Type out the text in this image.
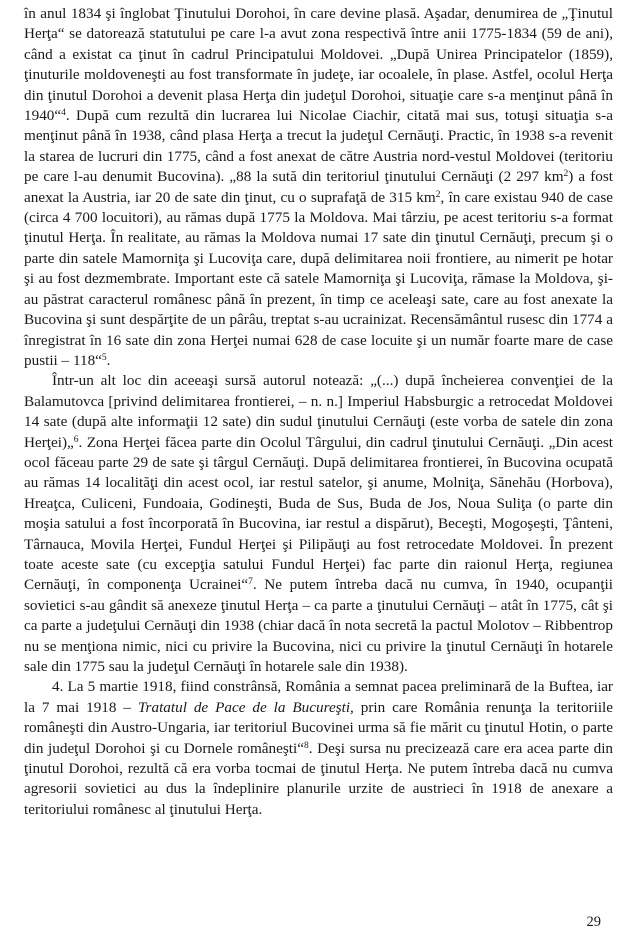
în anul 1834 şi înglobat Ţinutului Dorohoi, în care devine plasă. Aşadar, denumirea de „Ţinutul Herţa“ se datorează statutului pe care l-a avut zona respectivă între anii 1775-1834 (59 de ani), când a existat ca ţinut în cadrul Principatului Moldovei. „După Unirea Principatelor (1859), ţinuturile moldoveneşti au fost transformate în judeţe, iar ocoalele, în plase. Astfel, ocolul Herţa din ţinutul Dorohoi a devenit plasa Herţa din judeţul Dorohoi, situaţie care s-a menţinut până în 1940“$^4$. După cum rezultă din lucrarea lui Nicolae Ciachir, citată mai sus, totuşi situaţia s-a menţinut până în 1938, când plasa Herţa a trecut la judeţul Cernăuţi. Practic, în 1938 s-a revenit la starea de lucruri din 1775, când a fost anexat de către Austria nord-vestul Moldovei (teritoriu pe care l-au denumit Bucovina). „88 la sută din teritoriul ţinutului Cernăuţi (2 297 $km^2$) a fost anexat la Austria, iar 20 de sate din ţinut, cu o suprafaţă de 315 $km^2$, în care existau 940 de case (circa 4 700 locuitori), au rămas după 1775 la Moldova. Mai târziu, pe acest teritoriu s-a format ţinutul Herţa. În realitate, au rămas la Moldova numai 17 sate din ţinutul Cernăuţi, precum şi o parte din satele Mamorniţa şi Lucoviţa care, după delimitarea noii frontiere, au nimerit pe hotar şi au fost dezmembrate. Important este că satele Mamorniţa şi Lucoviţa, rămase la Moldova, şi-au păstrat caracterul românesc până în prezent, în timp ce aceleaşi sate, care au fost anexate la Bucovina şi sunt despărţite de un pârâu, treptat s-au ucrainizat. Recensământul rusesc din 1774 a înregistrat în 16 sate din zona Herţei numai 628 de case locuite şi un număr foarte mare de case pustii – 118“$^5$.

Într-un alt loc din aceeaşi sursă autorul notează: „(...) după încheierea convenţiei de la Balamutovca [privind delimitarea frontierei, – n. n.] Imperiul Habsburgic a retrocedat Moldovei 14 sate (după alte informaţii 12 sate) din sudul ţinutului Cernăuţi (este vorba de satele din zona Herţei)„$^6$. Zona Herţei făcea parte din Ocolul Târgului, din cadrul ţinutului Cernăuţi. „Din acest ocol făceau parte 29 de sate şi târgul Cernăuţi. După delimitarea frontierei, în Bucovina ocupată au rămas 14 localităţi din acest ocol, iar restul satelor, şi anume, Molniţa, Sănehău (Horbova), Hreaţca, Culiceni, Fundoaia, Godineşti, Buda de Sus, Buda de Jos, Noua Suliţa (o parte din moşia satului a fost încorporată în Bucovina, iar restul a dispărut), Beceşti, Mogoşeşti, Ţânteni, Târnauca, Movila Herţei, Fundul Herţei şi Pilipăuţi au fost retrocedate Moldovei. În prezent toate aceste sate (cu excepţia satului Fundul Herţei) fac parte din raionul Herţa, regiunea Cernăuţi, în componenţa Ucrainei“$^7$. Ne putem întreba dacă nu cumva, în 1940, ocupanţii sovietici s-au gândit să anexeze ţinutul Herţa – ca parte a ţinutului Cernăuţi – atât în 1775, cât şi ca parte a judeţului Cernăuţi din 1938 (chiar dacă în nota secretă la pactul Molotov – Ribbentrop nu se menţiona nimic, nici cu privire la Bucovina, nici cu privire la ţinutul Cernăuţi în hotarele sale din 1775 sau la judeţul Cernăuţi în hotarele sale din 1938).

4. La 5 martie 1918, fiind constrânsă, România a semnat pacea preliminară de la Buftea, iar la 7 mai 1918 – Tratatul de Pace de la Bucureşti, prin care România renunţa la teritoriile româneşti din Austro-Ungaria, iar teritoriul Bucovinei urma să fie mărit cu ţinutul Hotin, o parte din judeţul Dorohoi şi cu Dornele româneşti“$^8$. Deşi sursa nu precizează care era acea parte din ţinutul Dorohoi, rezultă că era vorba tocmai de ţinutul Herţa. Ne putem întreba dacă nu cumva agresorii sovietici au dus la îndeplinire planurile urzite de austrieci în 1918 de anexare a teritoriului românesc al ţinutului Herţa.

29
